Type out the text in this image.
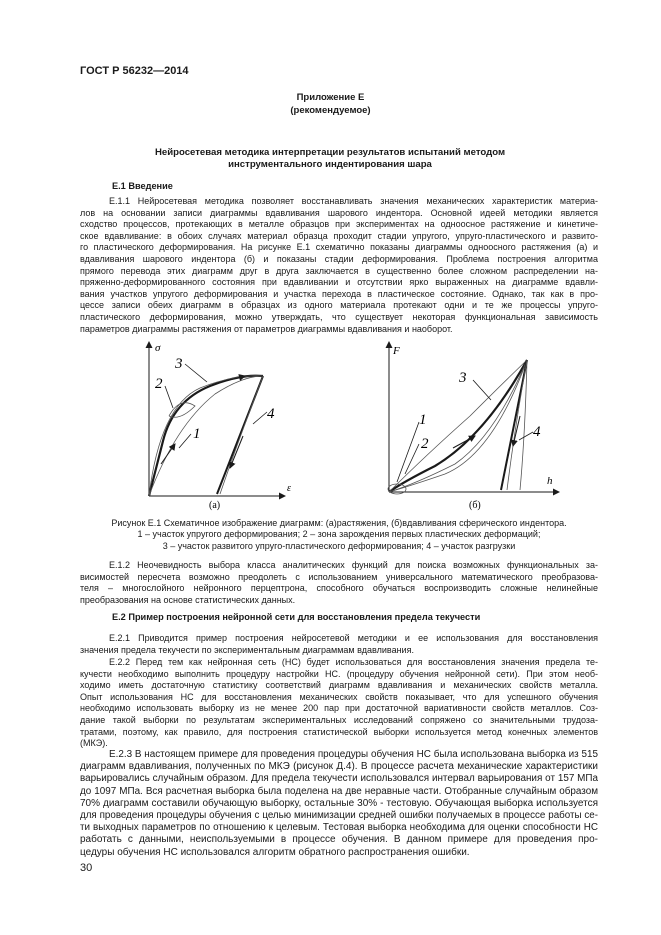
ГОСТ Р 56232—2014
Приложение Е
(рекомендуемое)
Нейросетевая методика интерпретации результатов испытаний методом
инструментального индентирования шара
Е.1 Введение
Е.1.1 Нейросетевая методика позволяет восстанавливать значения механических характеристик материа-
лов на основании записи диаграммы вдавливания шарового индентора. Основной идеей методики является
сходство процессов, протекающих в металле образцов при экспериментах на одноосное растяжение и кинетиче-
ское вдавливание: в обоих случаях материал образца проходит стадии упругого, упруго-пластического и развито-
го пластического деформирования. На рисунке Е.1 схематично показаны диаграммы одноосного растяжения (а) и
вдавливания шарового индентора (б) и показаны стадии деформирования. Проблема построения алгоритма
прямого перевода этих диаграмм друг в друга заключается в существенно более сложном распределении на-
пряженно-деформированного состояния при вдавливании и отсутствии ярко выраженных на диаграмме вдавли-
вания участков упругого деформирования и участка перехода в пластическое состояние. Однако, так как в про-
цессе записи обеих диаграмм в образцах из одного материала протекают одни и те же процессы упруго-
пластического деформирования, можно утверждать, что существует некоторая функциональная зависимость
параметров диаграммы растяжения от параметров диаграммы вдавливания и наоборот.
σ
ε
1
2
3
4
(а)
F
h
1
2
3
4
(б)
Рисунок Е.1 Схематичное изображение диаграмм: (а)растяжения, (б)вдавливания сферического индентора.
1 – участок упругого деформирования; 2 – зона зарождения первых пластических деформаций;
3 – участок развитого упруго-пластического деформирования; 4 – участок разгрузки
Е.1.2 Неочевидность выбора класса аналитических функций для поиска возможных функциональных за-
висимостей пересчета возможно преодолеть с использованием универсального математического преобразова-
теля – многослойного нейронного перцептрона, способного обучаться воспроизводить сложные нелинейные
преобразования на основе статистических данных.
Е.2 Пример построения нейронной сети для восстановления предела текучести
Е.2.1 Приводится пример построения нейросетевой методики и ее использования для восстановления
значения предела текучести по экспериментальным диаграммам вдавливания.
Е.2.2 Перед тем как нейронная сеть (НС) будет использоваться для восстановления значения предела те-
кучести необходимо выполнить процедуру настройки НС. (процедуру обучения нейронной сети). При этом необ-
ходимо иметь достаточную статистику соответствий диаграмм вдавливания и механических свойств металла.
Опыт использования НС для восстановления механических свойств показывает, что для успешного обучения
необходимо использовать выборку из не менее 200 пар при достаточной вариативности свойств металлов. Соз-
дание такой выборки по результатам экспериментальных исследований сопряжено со значительными трудоза-
тратами, поэтому, как правило, для построения статистической выборки используется метод конечных элементов
(МКЭ).
Е.2.3 В настоящем примере для проведения процедуры обучения НС была использована выборка из 515
диаграмм вдавливания, полученных по МКЭ (рисунок Д.4). В процессе расчета механические характеристики
варьировались случайным образом. Для предела текучести использовался интервал варьирования от 157 МПа
до 1097 МПа. Вся расчетная выборка была поделена на две неравные части. Отобранные случайным образом
70% диаграмм составили обучающую выборку, остальные 30% - тестовую. Обучающая выборка используется
для проведения процедуры обучения с целью минимизации средней ошибки получаемых в процессе работы се-
ти выходных параметров по отношению к целевым. Тестовая выборка необходима для оценки способности НС
работать с данными, неиспользуемыми в процессе обучения. В данном примере для проведения про-
цедуры обучения НС использовался алгоритм обратного распространения ошибки.
30
